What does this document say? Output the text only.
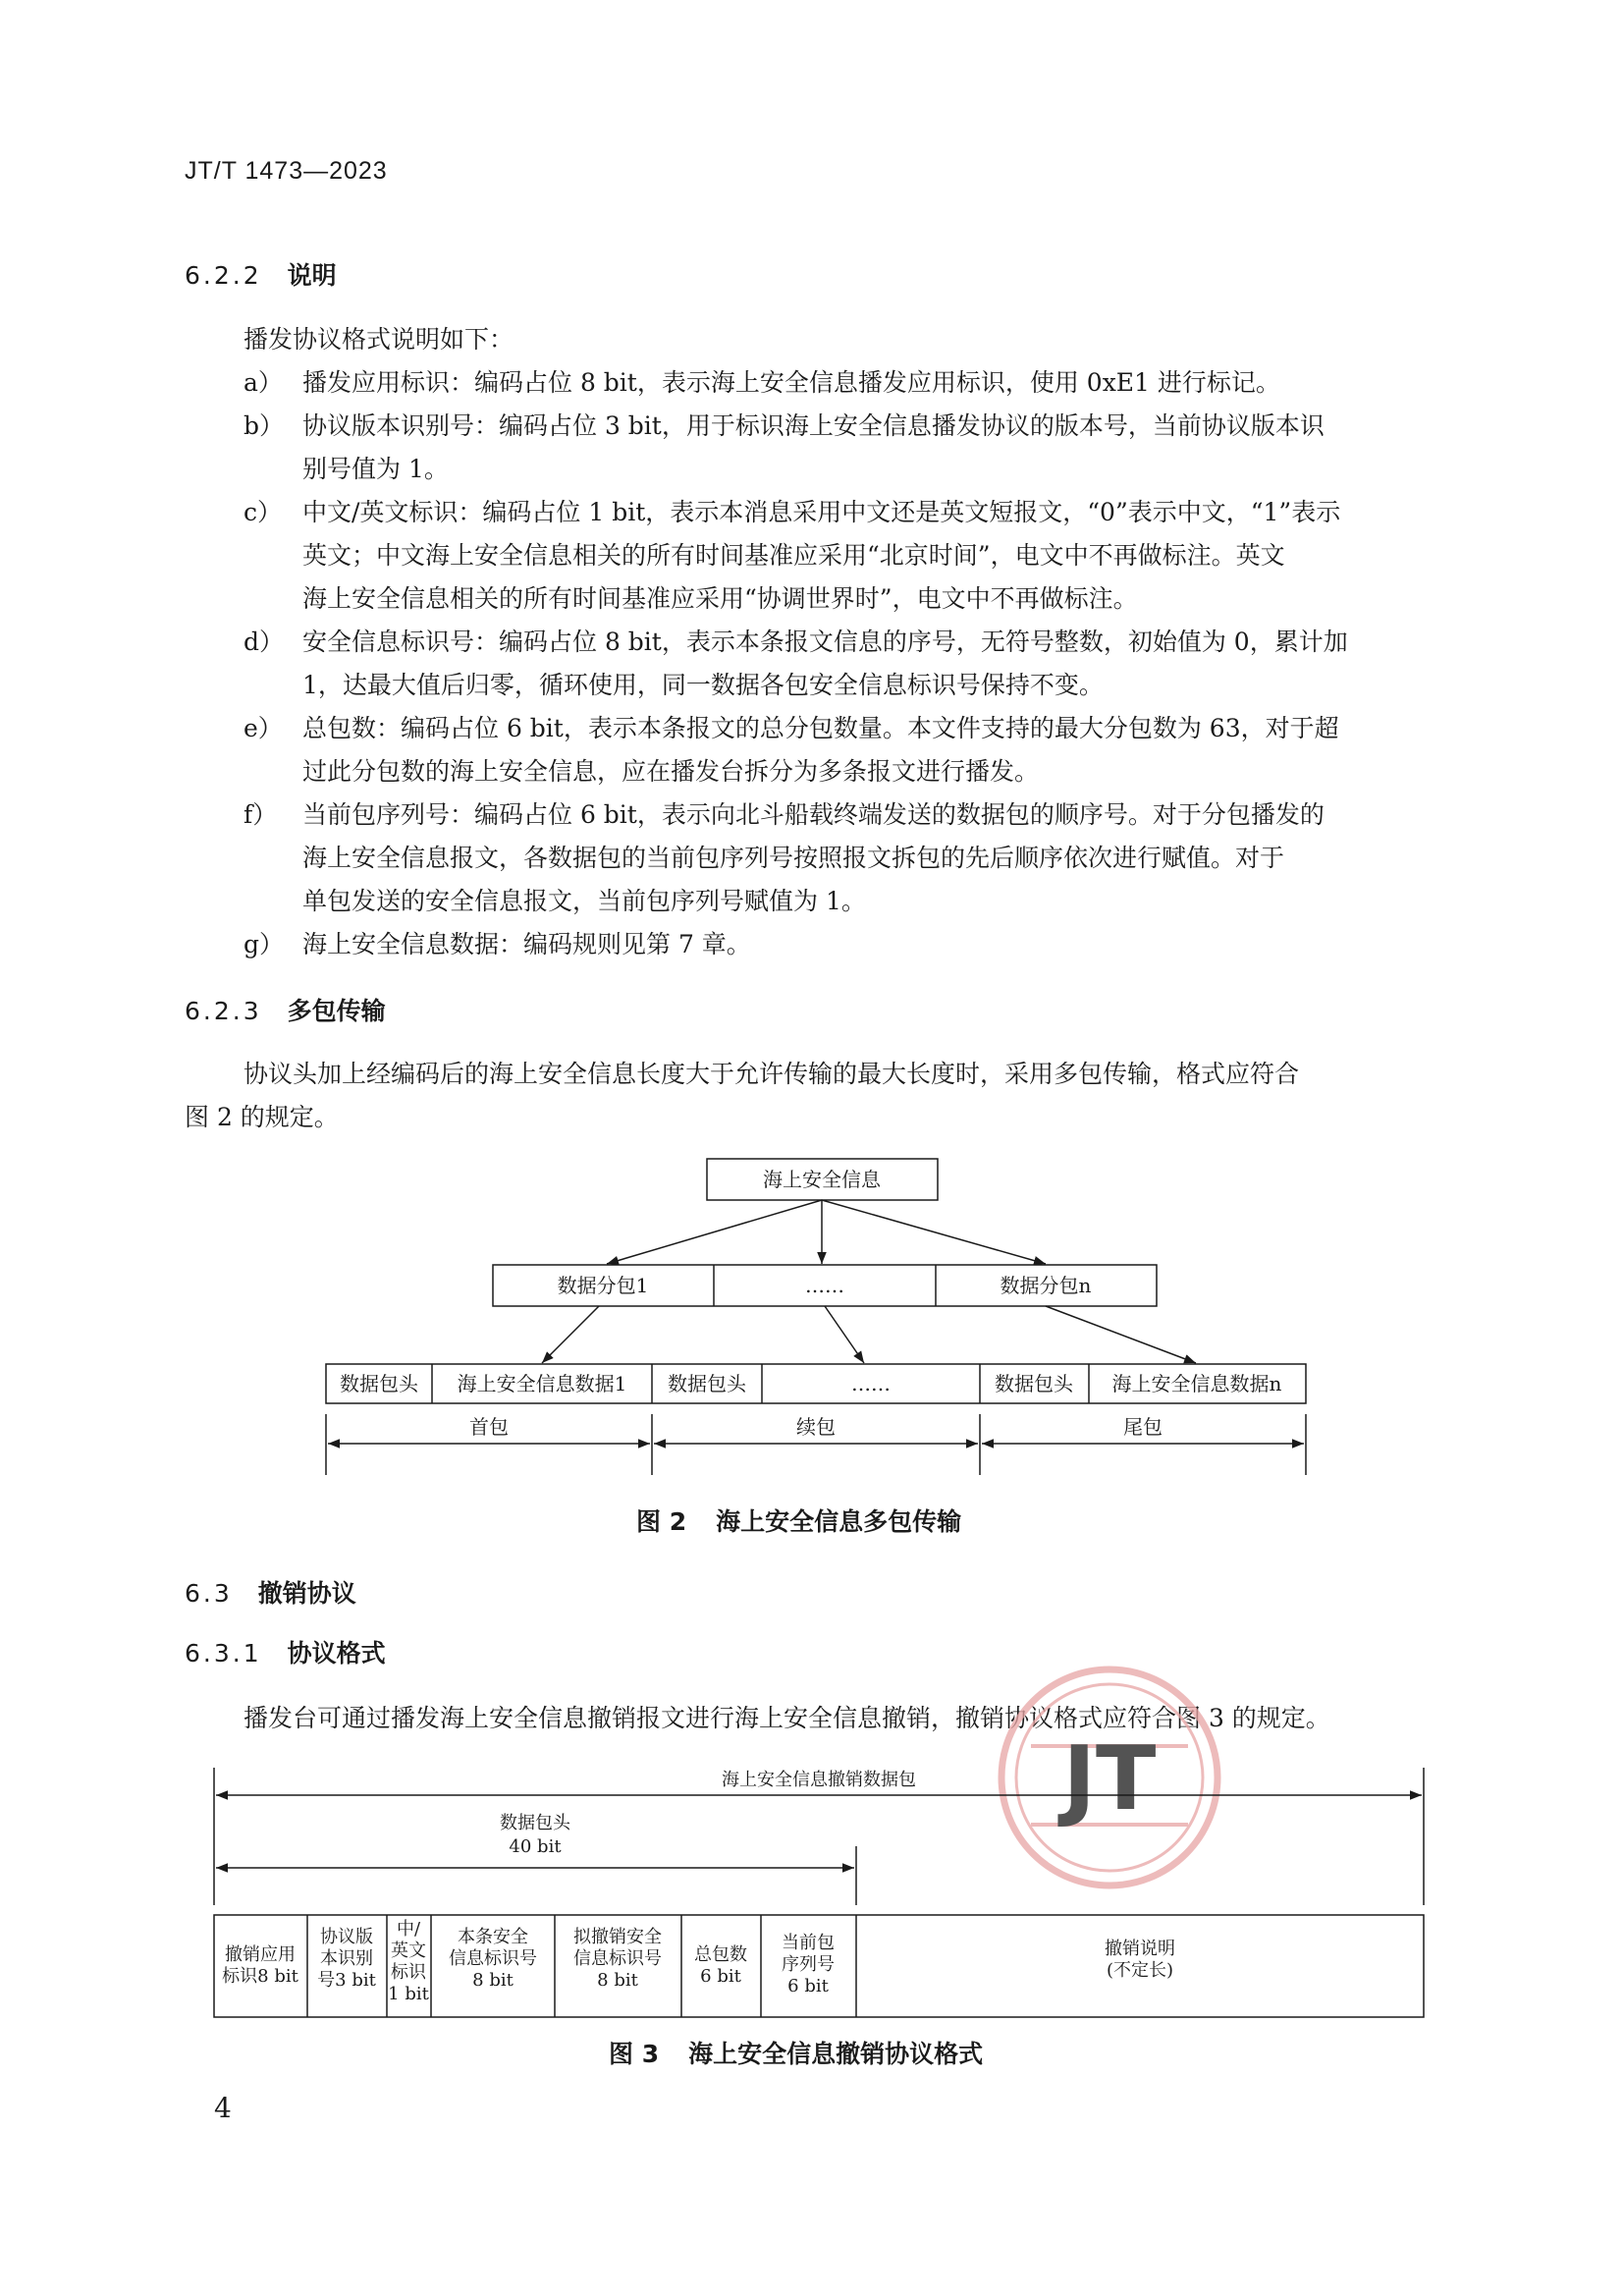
JT/T 1473—2023
6.2.2 说明
播发协议格式说明如下：
a） 播发应用标识：编码占位 8 bit，表示海上安全信息播发应用标识，使用 0xE1 进行标记。
b） 协议版本识别号：编码占位 3 bit，用于标识海上安全信息播发协议的版本号，当前协议版本识
别号值为 1。
c） 中文/英文标识：编码占位 1 bit，表示本消息采用中文还是英文短报文，“0”表示中文，“1”表示
英文；中文海上安全信息相关的所有时间基准应采用“北京时间”，电文中不再做标注。英文
海上安全信息相关的所有时间基准应采用“协调世界时”，电文中不再做标注。
d） 安全信息标识号：编码占位 8 bit，表示本条报文信息的序号，无符号整数，初始值为 0，累计加
1，达最大值后归零，循环使用，同一数据各包安全信息标识号保持不变。
e） 总包数：编码占位 6 bit，表示本条报文的总分包数量。本文件支持的最大分包数为 63，对于超
过此分包数的海上安全信息，应在播发台拆分为多条报文进行播发。
f） 当前包序列号：编码占位 6 bit，表示向北斗船载终端发送的数据包的顺序号。对于分包播发的
海上安全信息报文，各数据包的当前包序列号按照报文拆包的先后顺序依次进行赋值。对于
单包发送的安全信息报文，当前包序列号赋值为 1。
g） 海上安全信息数据：编码规则见第 7 章。
6.2.3 多包传输
协议头加上经编码后的海上安全信息长度大于允许传输的最大长度时，采用多包传输，格式应符合
图 2 的规定。
海上安全信息
数据分包1	……	数据分包n
数据包头 海上安全信息数据1 数据包头	……	数据包头 海上安全信息数据n
首包	续包	尾包
图 2 海上安全信息多包传输
6.3 撤销协议
6.3.1 协议格式
播发台可通过播发海上安全信息撤销报文进行海上安全信息撤销，撤销协议格式应符合图 3 的规定。
JT
海上安全信息撤销数据包
数据包头
40 bit
撤销应用
标识8 bit
协议版
本识别
号3 bit
中/
英文
标识
1 bit
本条安全
信息标识号
8 bit
拟撤销安全
信息标识号
8 bit
总包数
6 bit
当前包
序列号
6 bit
撤销说明
(不定长)
图 3 海上安全信息撤销协议格式
4
